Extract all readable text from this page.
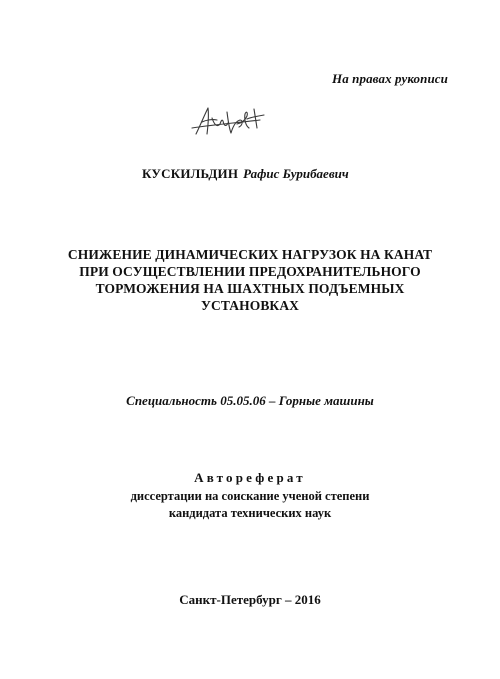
На правах рукописи
КУСКИЛЬДИН Рафис Бурибаевич
СНИЖЕНИЕ ДИНАМИЧЕСКИХ НАГРУЗОК НА КАНАТ
ПРИ ОСУЩЕСТВЛЕНИИ ПРЕДОХРАНИТЕЛЬНОГО
ТОРМОЖЕНИЯ НА ШАХТНЫХ ПОДЪЕМНЫХ
УСТАНОВКАХ
Специальность 05.05.06 – Горные машины
Автореферат
диссертации на соискание ученой степени
кандидата технических наук
Санкт-Петербург – 2016
